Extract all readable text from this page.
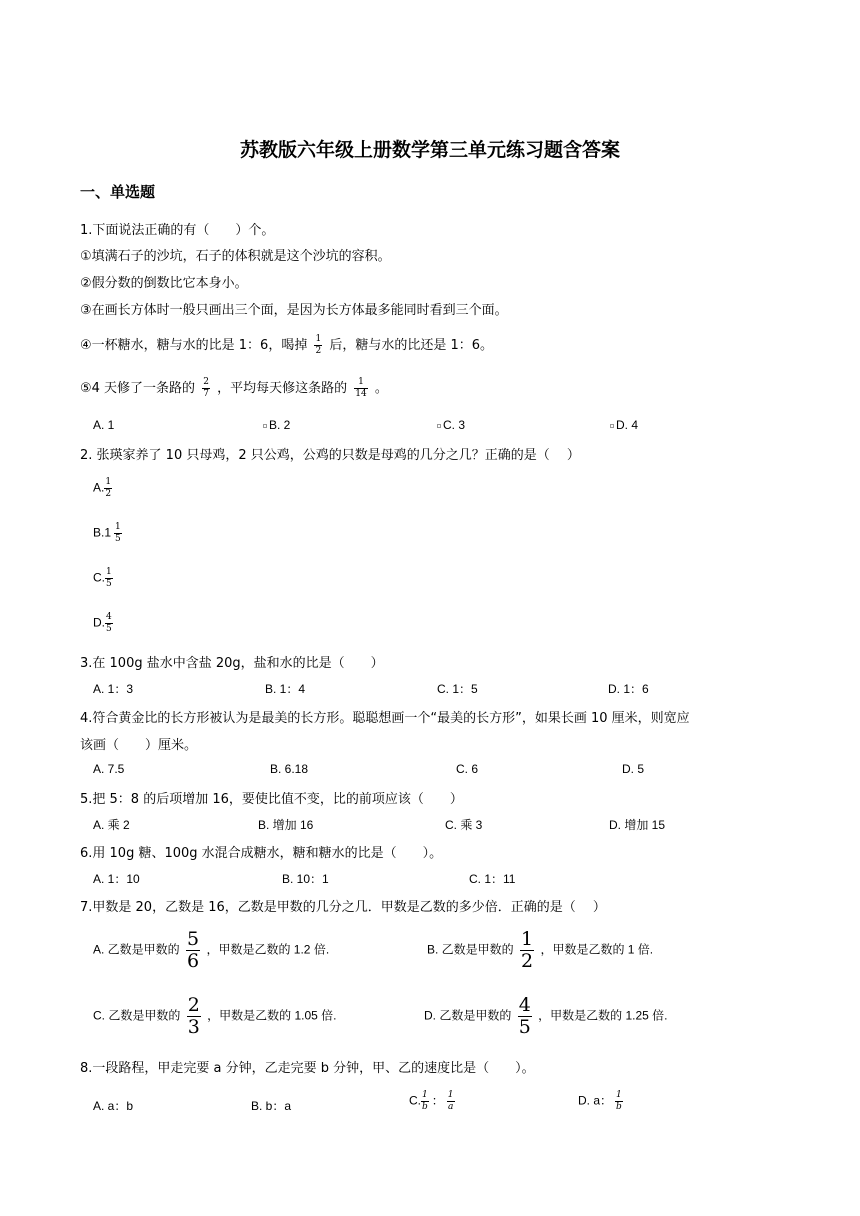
苏教版六年级上册数学第三单元练习题含答案
一、单选题
1.下面说法正确的有（　　）个。
①填满石子的沙坑，石子的体积就是这个沙坑的容积。
②假分数的倒数比它本身小。
③在画长方体时一般只画出三个面，是因为长方体最多能同时看到三个面。
④一杯糖水，糖与水的比是 1：6，喝掉 $\frac{1}{2}$ 后，糖与水的比还是 1：6。
⑤4 天修了一条路的 $\frac{2}{7}$ ，平均每天修这条路的 $\frac{1}{14}$ 。
A. 1	B. 2	C. 3	D. 4
2. 张瑛家养了 10 只母鸡，2 只公鸡，公鸡的只数是母鸡的几分之几？正确的是（　 ）
A. $\frac{1}{2}$
$B.1 \frac{1}{5}$
C. $\frac{1}{5}$
D. $\frac{4}{5}$
3.在 100g 盐水中含盐 20g，盐和水的比是（　　）
A. 1：3	B. 1：4	C. 1：5	D. 1：6
4.符合黄金比的长方形被认为是最美的长方形。聪聪想画一个“最美的长方形”，如果长画 10 厘米，则宽应
该画（　　）厘米。
A. 7.5	B. 6.18	C. 6	D. 5
5.把 5：8 的后项增加 16，要使比值不变，比的前项应该（　　）
A. 乘 2	B. 增加 16	C. 乘 3	D. 增加 15
6.用 10g 糖、100g 水混合成糖水，糖和糖水的比是（　　）。
A. 1：10	B. 10：1	C. 1：11
7.甲数是 20，乙数是 16，乙数是甲数的几分之几．甲数是乙数的多少倍．正确的是（　 ）
A. 乙数是甲数的 $\frac{5}{6}$ ，甲数是乙数的 1.2 倍.	B. 乙数是甲数的 $\frac{1}{2}$ ，甲数是乙数的 1 倍.
C. 乙数是甲数的 $\frac{2}{3}$ ，甲数是乙数的 1.05 倍.	D. 乙数是甲数的 $\frac{4}{5}$ ，甲数是乙数的 1.25 倍.
8.一段路程，甲走完要 a 分钟，乙走完要 b 分钟，甲、乙的速度比是（　　）。
A. a：b	B. b：a	C. $\frac{1}{b}$ ： $\frac{1}{a}$	D. a： $\frac{1}{b}$
